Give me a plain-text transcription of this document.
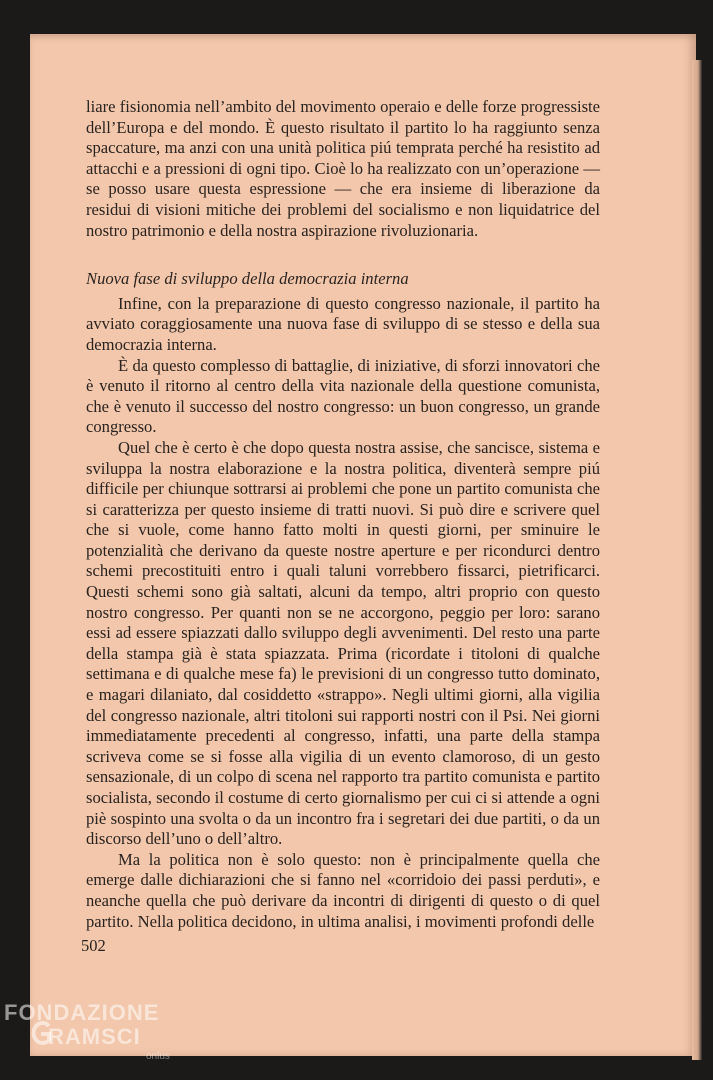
liare fisionomia nell’ambito del movimento operaio e delle forze progressiste dell’Europa e del mondo. È questo risultato il partito lo ha raggiunto senza spaccature, ma anzi con una unità politica piú temprata perché ha resistito ad attacchi e a pressioni di ogni tipo. Cioè lo ha realizzato con un’operazione — se posso usare questa espressione — che era insieme di liberazione da residui di visioni mitiche dei problemi del socialismo e non liquidatrice del nostro patrimonio e della nostra aspirazione rivoluzionaria.

Nuova fase di sviluppo della democrazia interna

Infine, con la preparazione di questo congresso nazionale, il partito ha avviato coraggiosamente una nuova fase di sviluppo di se stesso e della sua democrazia interna.

È da questo complesso di battaglie, di iniziative, di sforzi innovatori che è venuto il ritorno al centro della vita nazionale della questione comunista, che è venuto il successo del nostro congresso: un buon congresso, un grande congresso.

Quel che è certo è che dopo questa nostra assise, che sancisce, sistema e sviluppa la nostra elaborazione e la nostra politica, diventerà sempre piú difficile per chiunque sottrarsi ai problemi che pone un partito comunista che si caratterizza per questo insieme di tratti nuovi. Si può dire e scrivere quel che si vuole, come hanno fatto molti in questi giorni, per sminuire le potenzialità che derivano da queste nostre aperture e per ricondurci dentro schemi precostituiti entro i quali taluni vorrebbero fissarci, pietrificarci. Questi schemi sono già saltati, alcuni da tempo, altri proprio con questo nostro congresso. Per quanti non se ne accorgono, peggio per loro: sarano essi ad essere spiazzati dallo sviluppo degli avvenimenti. Del resto una parte della stampa già è stata spiazzata. Prima (ricordate i titoloni di qualche settimana e di qualche mese fa) le previsioni di un congresso tutto dominato, e magari dilaniato, dal cosiddetto «strappo». Negli ultimi giorni, alla vigilia del congresso nazionale, altri titoloni sui rapporti nostri con il Psi. Nei giorni immediatamente precedenti al congresso, infatti, una parte della stampa scriveva come se si fosse alla vigilia di un evento clamoroso, di un gesto sensazionale, di un colpo di scena nel rapporto tra partito comunista e partito socialista, secondo il costume di certo giornalismo per cui ci si attende a ogni piè sospinto una svolta o da un incontro fra i segretari dei due partiti, o da un discorso dell’uno o dell’altro.

Ma la politica non è solo questo: non è principalmente quella che emerge dalle dichiarazioni che si fanno nel «corridoio dei passi perduti», e neanche quella che può derivare da incontri di dirigenti di questo o di quel partito. Nella politica decidono, in ultima analisi, i movimenti profondi delle

502
FONDAZIONE
RAMSCI
onlus
